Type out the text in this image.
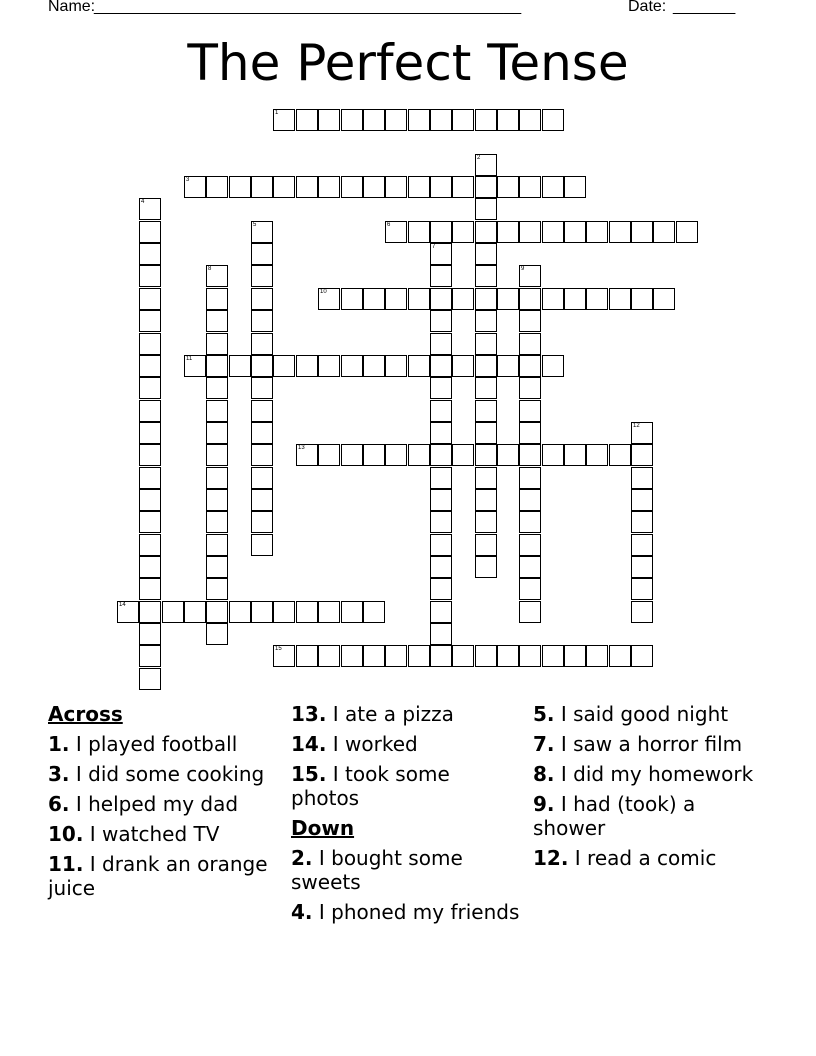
Name:

________________________________________________

	Date:

_______

The Perfect Tense
1
2
3
4
5	6
7
8	9
10
11
12
13
14
15
Across
1. I played football
3. I did some cooking
6. I helped my dad
10. I watched TV
11. I drank an orange juice
13. I ate a pizza
14. I worked
15. I took some photos
Down
2. I bought some sweets
4. I phoned my friends
5. I said good night
7. I saw a horror film
8. I did my homework
9. I had (took) a shower
12. I read a comic
